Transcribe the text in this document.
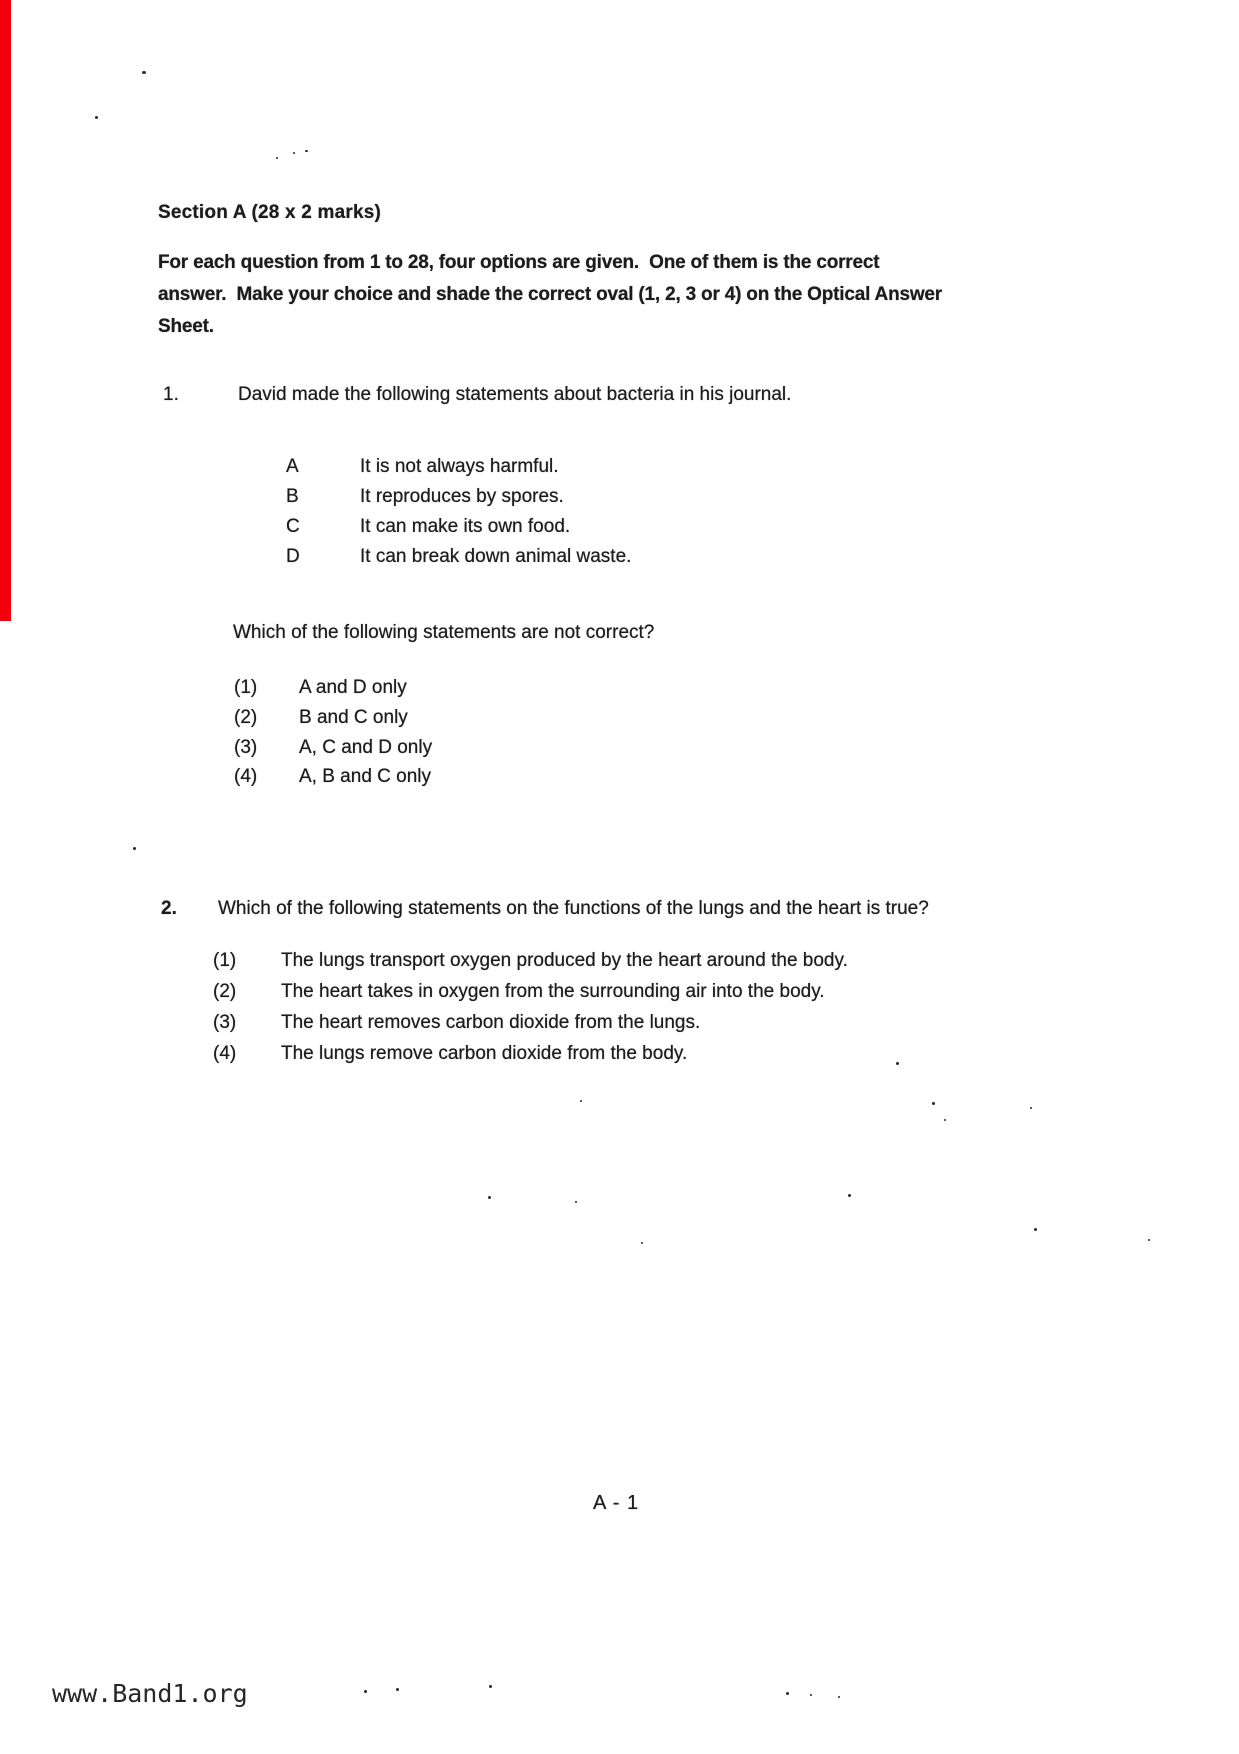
Section A (28 x 2 marks)
For each question from 1 to 28, four options are given.  One of them is the correct
answer.  Make your choice and shade the correct oval (1, 2, 3 or 4) on the Optical Answer
Sheet.
1.	David made the following statements about bacteria in his journal.
A	It is not always harmful.
B	It reproduces by spores.
C	It can make its own food.
D	It can break down animal waste.
Which of the following statements are not correct?
(1) A and D only
(2) B and C only
(3) A, C and D only
(4) A, B and C only
2. Which of the following statements on the functions of the lungs and the heart is true?
(1) The lungs transport oxygen produced by the heart around the body.
(2) The heart takes in oxygen from the surrounding air into the body.
(3) The heart removes carbon dioxide from the lungs.
(4) The lungs remove carbon dioxide from the body.
A - 1
www.Band1.org
